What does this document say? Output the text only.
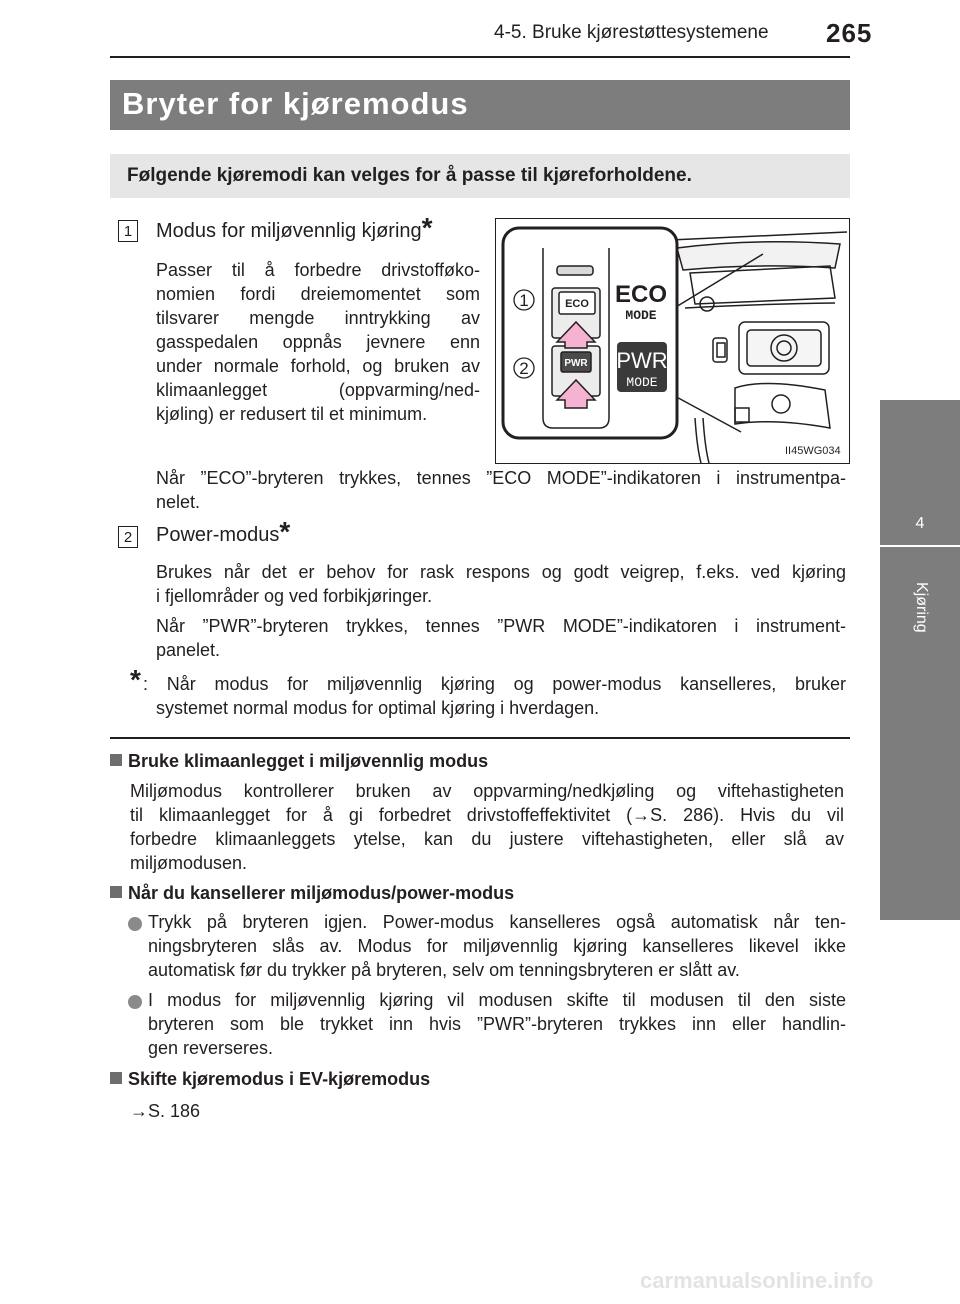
4-5. Bruke kjørestøttesystemene 265
4
Kjøring
Bryter for kjøremodus
Følgende kjøremodi kan velges for å passe til kjøreforholdene.
1 Modus for miljøvennlig kjøring*
Passer til å forbedre drivstofføko-
nomien fordi dreiemomentet som
tilsvarer mengde inntrykking av
gasspedalen oppnås jevnere enn
under normale forhold, og bruken av
klimaanlegget (oppvarming/ned-
kjøling) er redusert til et minimum.
Når ”ECO”-bryteren trykkes, tennes ”ECO MODE”-indikatoren i instrumentpa-
nelet.
ECO
PWR
1
2
ECO
MODE
PWR
MODE
II45WG034
2 Power-modus*
Brukes når det er behov for rask respons og godt veigrep, f.eks. ved kjøring
i fjellområder og ved forbikjøringer.
Når ”PWR”-bryteren trykkes, tennes ”PWR MODE”-indikatoren i instrument-
panelet.
* : Når modus for miljøvennlig kjøring og power-modus kanselleres, bruker
systemet normal modus for optimal kjøring i hverdagen.
Bruke klimaanlegget i miljøvennlig modus
Miljømodus kontrollerer bruken av oppvarming/nedkjøling og viftehastigheten
til klimaanlegget for å gi forbedret drivstoffeffektivitet (→S. 286). Hvis du vil
forbedre klimaanleggets ytelse, kan du justere viftehastigheten, eller slå av
miljømodusen.
Når du kansellerer miljømodus/power-modus
Trykk på bryteren igjen. Power-modus kanselleres også automatisk når ten-
ningsbryteren slås av. Modus for miljøvennlig kjøring kanselleres likevel ikke
automatisk før du trykker på bryteren, selv om tenningsbryteren er slått av.
I modus for miljøvennlig kjøring vil modusen skifte til modusen til den siste
bryteren som ble trykket inn hvis ”PWR”-bryteren trykkes inn eller handlin-
gen reverseres.
Skifte kjøremodus i EV-kjøremodus
→S. 186
carmanualsonline.info
